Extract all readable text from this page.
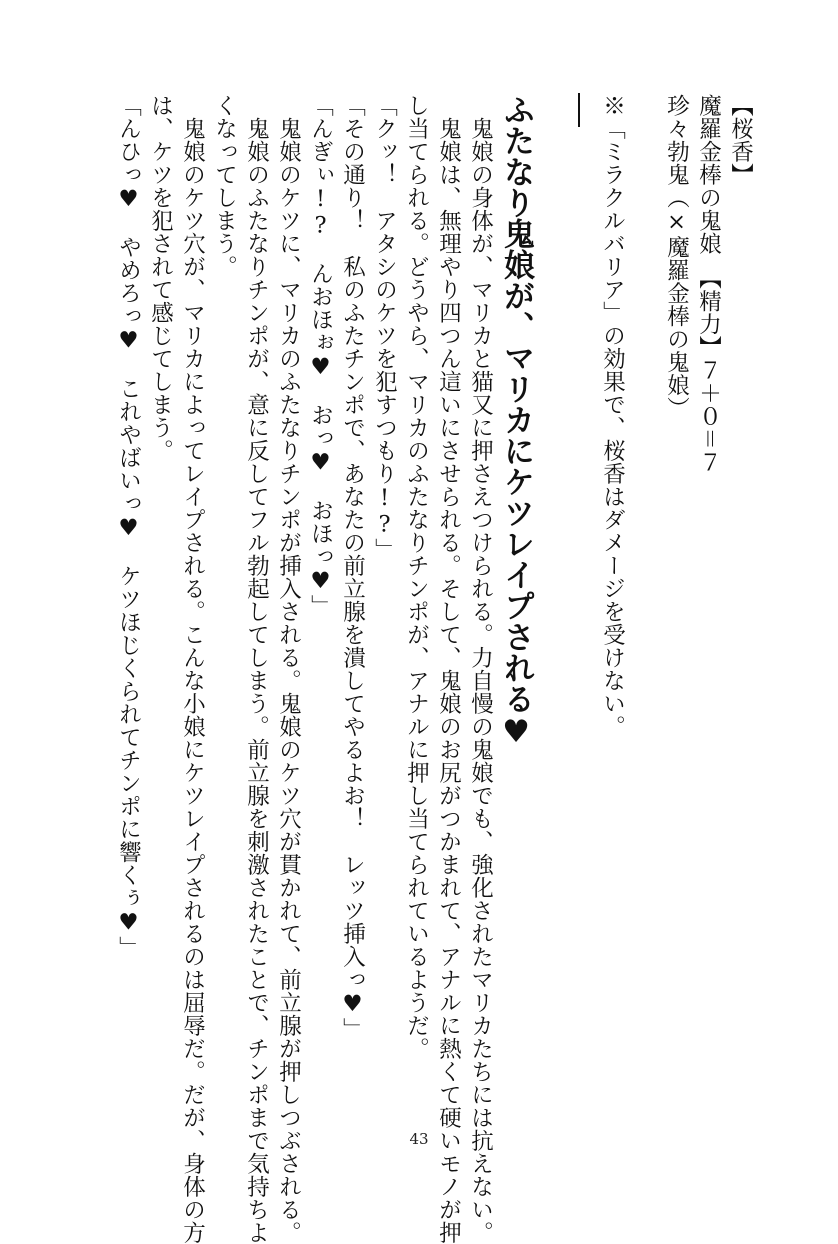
【桜香】
魔羅金棒の鬼娘　【精力】７＋０＝７
珍々勃鬼（×魔羅金棒の鬼娘）
※「ミラクルバリア」の効果で、桜香はダメージを受けない。
ふたなり鬼娘が、マリカにケツレイプされる♥
　鬼娘の身体が、マリカと猫又に押さえつけられる。力自慢の鬼娘でも、強化されたマリカたちには抗えない。
　鬼娘は、無理やり四つん這いにさせられる。そして、鬼娘のお尻がつかまれて、アナルに熱くて硬いモノが押
し当てられる。どうやら、マリカのふたなりチンポが、アナルに押し当てられているようだ。
「クッ！　アタシのケツを犯すつもり!?」
「その通り！　私のふたチンポで、あなたの前立腺を潰してやるよお！　レッツ挿入っ♥」
「んぎぃ!?　んおほぉ♥　おっ♥　おほっ♥」
　鬼娘のケツに、マリカのふたなりチンポが挿入される。鬼娘のケツ穴が貫かれて、前立腺が押しつぶされる。
　鬼娘のふたなりチンポが、意に反してフル勃起してしまう。前立腺を刺激されたことで、チンポまで気持ちよ
くなってしまう。
　鬼娘のケツ穴が、マリカによってレイプされる。こんな小娘にケツレイプされるのは屈辱だ。だが、身体の方
は、ケツを犯されて感じてしまう。
「んひっ♥　やめろっ♥　これやばいっ♥　ケツほじくられてチンポに響くぅ♥」
43
